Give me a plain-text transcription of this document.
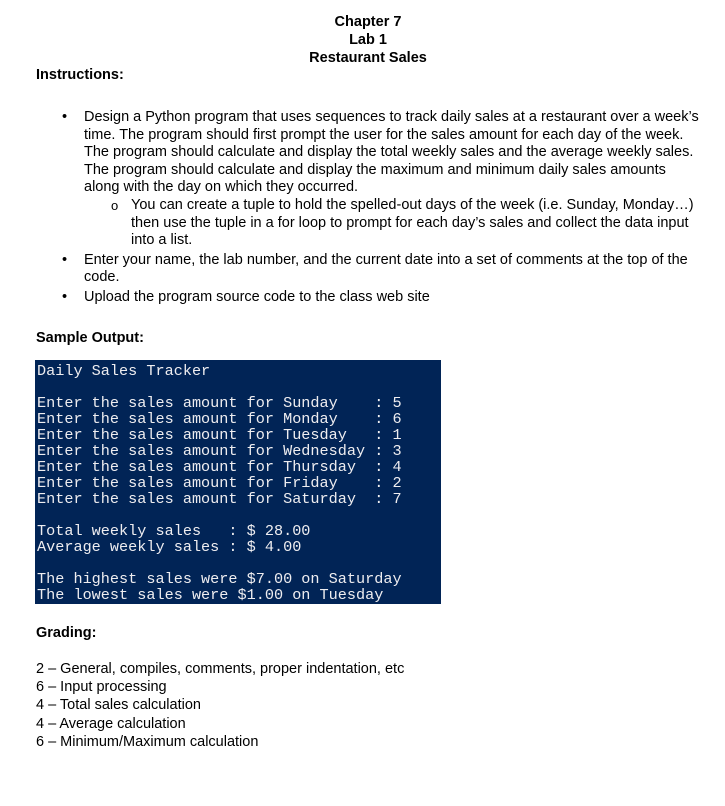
Chapter 7
Lab 1
Restaurant Sales
Instructions:
• Design a Python program that uses sequences to track daily sales at a restaurant over a week’s time. The program should first prompt the user for the sales amount for each day of the week. The program should calculate and display the total weekly sales and the average weekly sales. The program should calculate and display the maximum and minimum daily sales amounts along with the day on which they occurred.
o You can create a tuple to hold the spelled-out days of the week (i.e. Sunday, Monday…) then use the tuple in a for loop to prompt for each day’s sales and collect the data input into a list.
• Enter your name, the lab number, and the current date into a set of comments at the top of the code.
• Upload the program source code to the class web site
Sample Output:

Daily Sales Tracker

Enter the sales amount for Sunday    : 5

Enter the sales amount for Monday    : 6

Enter the sales amount for Tuesday   : 1

Enter the sales amount for Wednesday : 3

Enter the sales amount for Thursday  : 4

Enter the sales amount for Friday    : 2

Enter the sales amount for Saturday  : 7

Total weekly sales   : $ 28.00

Average weekly sales : $ 4.00

The highest sales were $7.00 on Saturday

The lowest sales were $1.00 on Tuesday

Grading:
2 – General, compiles, comments, proper indentation, etc
6 – Input processing
4 – Total sales calculation
4 – Average calculation
6 – Minimum/Maximum calculation
